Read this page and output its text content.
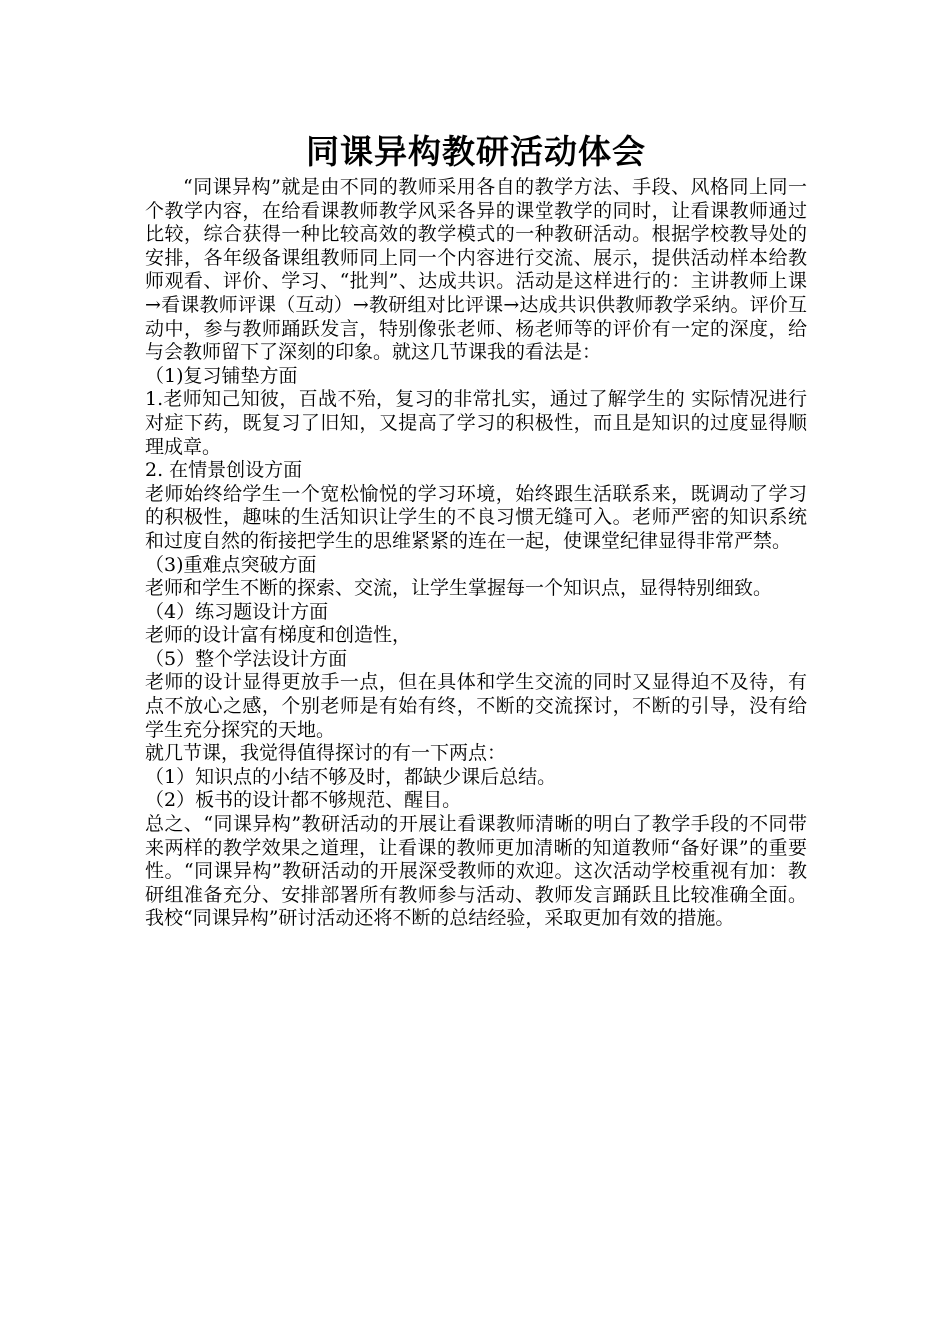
同课异构教研活动体会

“同课异构”就是由不同的教师采用各自的教学方法、手段、风格同上同一个教学内容，在给看课教师教学风采各异的课堂教学的同时，让看课教师通过比较，综合获得一种比较高效的教学模式的一种教研活动。根据学校教导处的安排，各年级备课组教师同上同一个内容进行交流、展示，提供活动样本给教师观看、评价、学习、“批判”、达成共识。活动是这样进行的：主讲教师上课→看课教师评课（互动）→教研组对比评课→达成共识供教师教学采纳。评价互动中，参与教师踊跃发言，特别像张老师、杨老师等的评价有一定的深度，给与会教师留下了深刻的印象。就这几节课我的看法是：

（1)复习铺垫方面

1.老师知己知彼，百战不殆，复习的非常扎实，通过了解学生的 实际情况进行对症下药，既复习了旧知，又提高了学习的积极性，而且是知识的过度显得顺理成章。

2. 在情景创设方面

老师始终给学生一个宽松愉悦的学习环境，始终跟生活联系来，既调动了学习的积极性，趣味的生活知识让学生的不良习惯无缝可入。老师严密的知识系统和过度自然的衔接把学生的思维紧紧的连在一起，使课堂纪律显得非常严禁。

（3)重难点突破方面

老师和学生不断的探索、交流，让学生掌握每一个知识点，显得特别细致。

（4）练习题设计方面

老师的设计富有梯度和创造性，

（5）整个学法设计方面

老师的设计显得更放手一点，但在具体和学生交流的同时又显得迫不及待，有点不放心之感，个别老师是有始有终，不断的交流探讨，不断的引导，没有给学生充分探究的天地。

就几节课，我觉得值得探讨的有一下两点：

（1）知识点的小结不够及时，都缺少课后总结。

（2）板书的设计都不够规范、醒目。

总之、“同课异构”教研活动的开展让看课教师清晰的明白了教学手段的不同带来两样的教学效果之道理，让看课的教师更加清晰的知道教师“备好课”的重要性。“同课异构”教研活动的开展深受教师的欢迎。这次活动学校重视有加：教研组准备充分、安排部署所有教师参与活动、教师发言踊跃且比较准确全面。我校“同课异构”研讨活动还将不断的总结经验，采取更加有效的措施。
